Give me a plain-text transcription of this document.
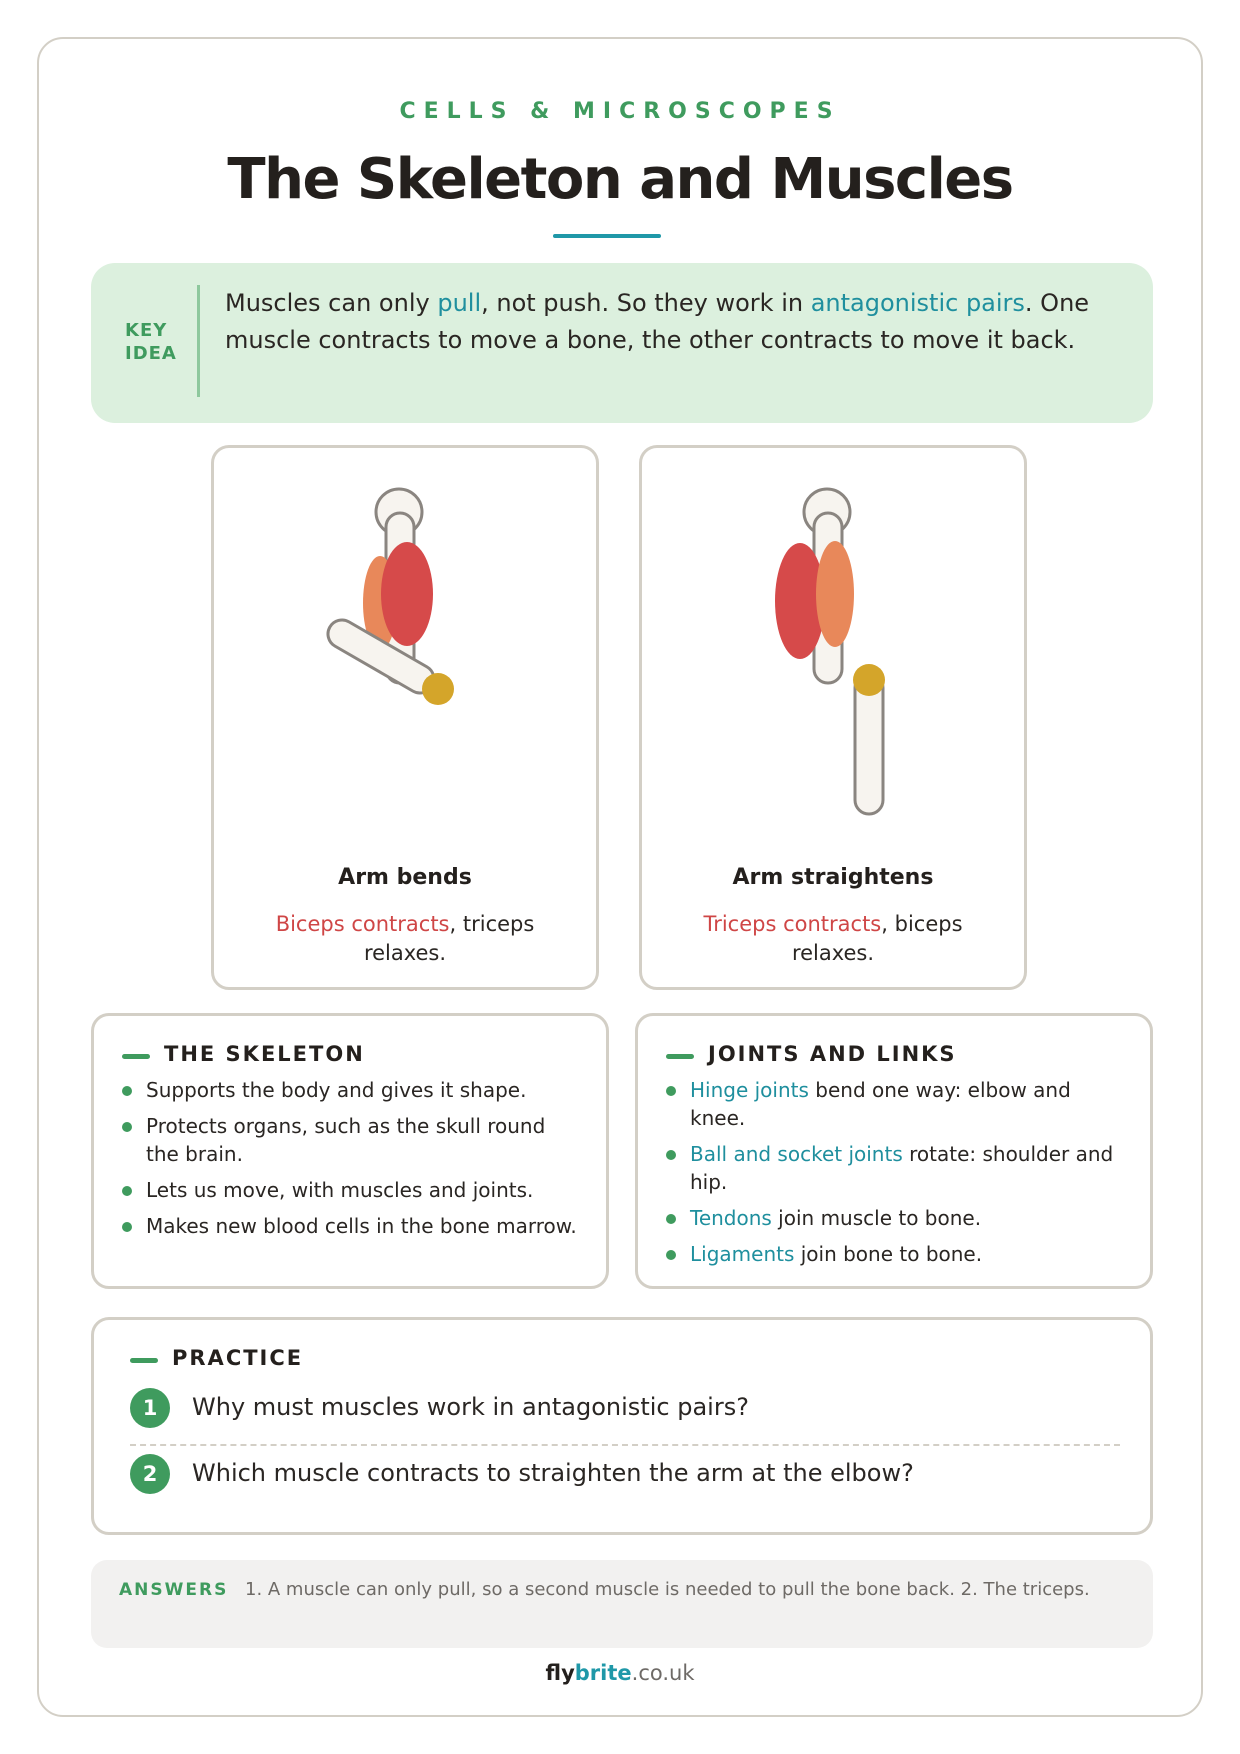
CELLS & MICROSCOPES
The Skeleton and Muscles
KEY
IDEA
Muscles can only pull, not push. So they work in antagonistic pairs. One muscle contracts to move a bone, the other contracts to move it back.
Arm bends
Biceps contracts, triceps relaxes.
Arm straightens
Triceps contracts, biceps relaxes.
THE SKELETON
Supports the body and gives it shape.
Protects organs, such as the skull round the brain.
Lets us move, with muscles and joints.
Makes new blood cells in the bone marrow.
JOINTS AND LINKS
Hinge joints bend one way: elbow and knee.
Ball and socket joints rotate: shoulder and hip.
Tendons join muscle to bone.
Ligaments join bone to bone.
PRACTICE
1	Why must muscles work in antagonistic pairs?
2	Which muscle contracts to straighten the arm at the elbow?
ANSWERS 1. A muscle can only pull, so a second muscle is needed to pull the bone back. 2. The triceps.
flybrite.co.uk
